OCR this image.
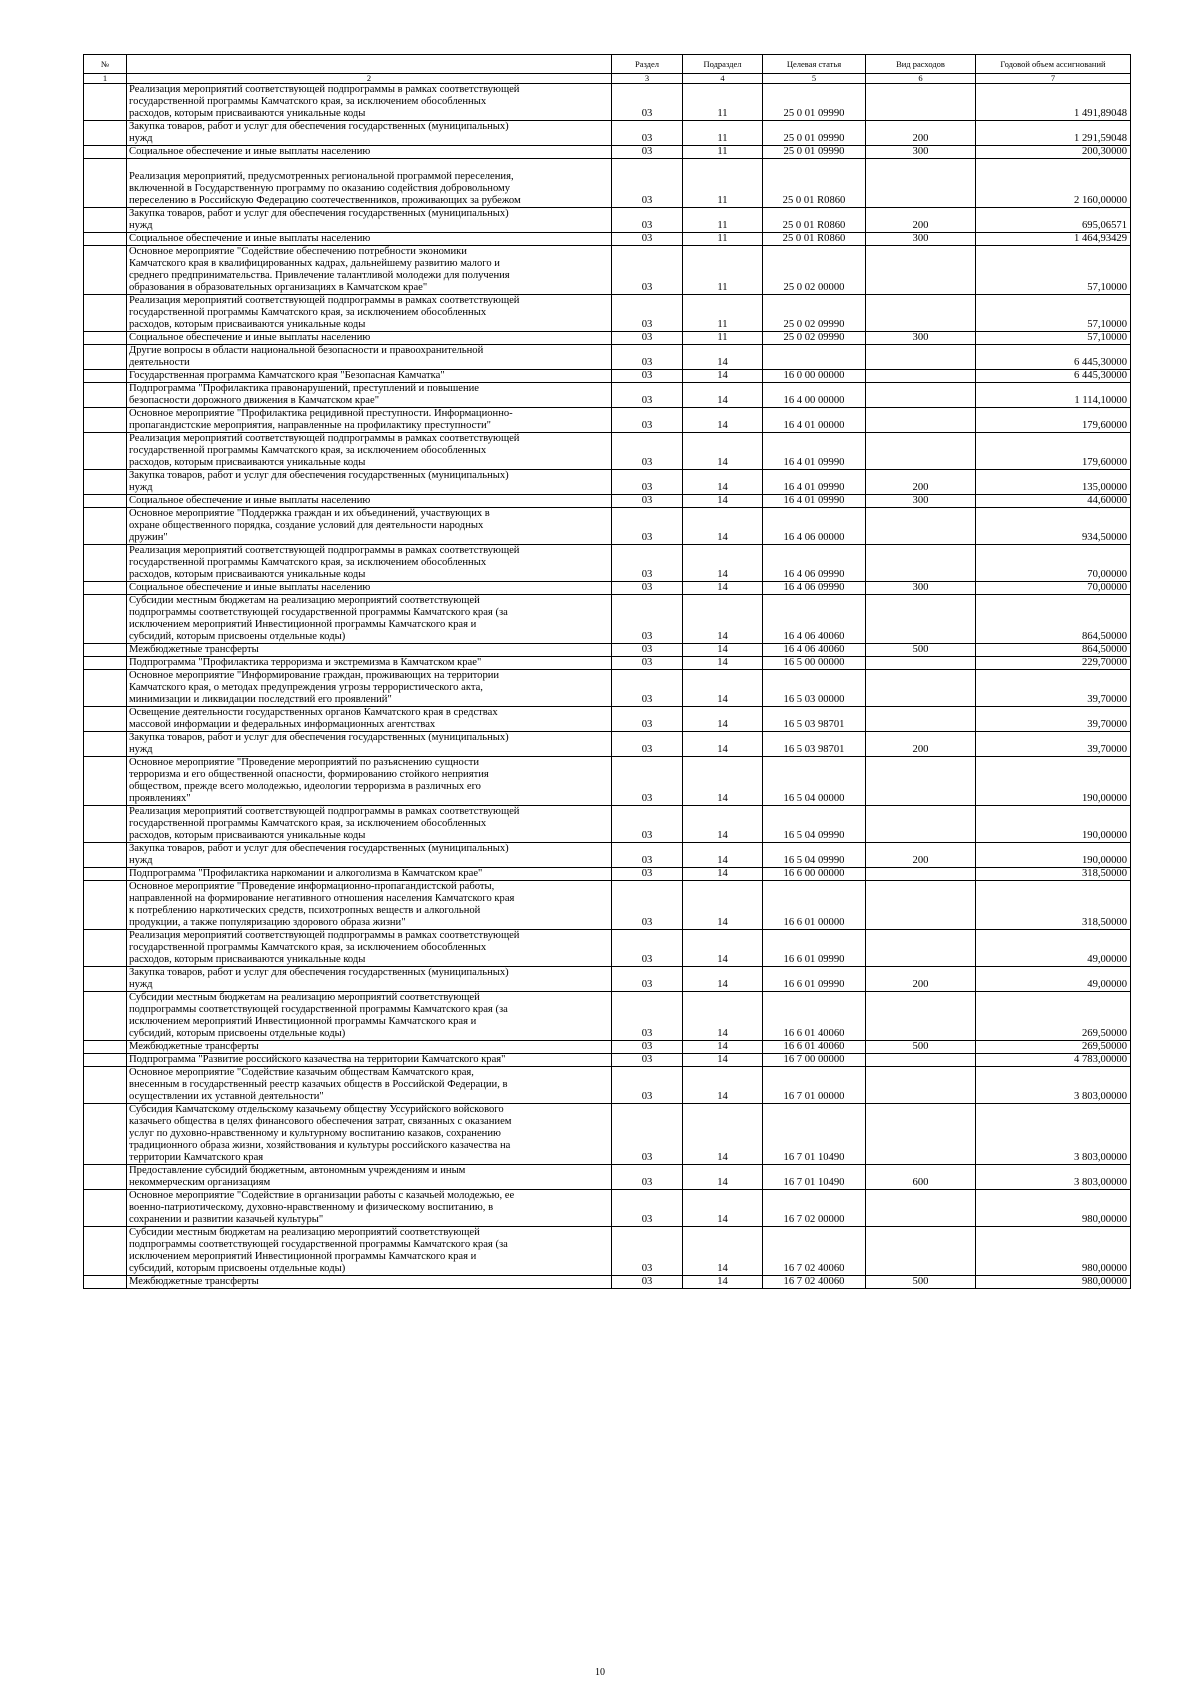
№		Раздел	Подраздел	Целевая статья	Вид расходов	Годовой объем ассигнований
1	2	3	4	5	6	7

	Реализация мероприятий соответствующей подпрограммы в рамках соответствующей
государственной программы Камчатского края, за исключением обособленных
расходов, которым присваиваются уникальные коды	03	11	25 0 01 09990		1 491,89048

	Закупка товаров, работ и услуг для обеспечения государственных (муниципальных)
нужд	03	11	25 0 01 09990	200	1 291,59048

	Социальное обеспечение и иные выплаты населению	03	11	25 0 01 09990	300	200,30000

	Реализация мероприятий, предусмотренных региональной программой переселения,
включенной в Государственную программу по оказанию содействия добровольному
переселению в Российскую Федерацию соотечественников, проживающих за рубежом	03	11	25 0 01 R0860		2 160,00000

	Закупка товаров, работ и услуг для обеспечения государственных (муниципальных)
нужд	03	11	25 0 01 R0860	200	695,06571

	Социальное обеспечение и иные выплаты населению	03	11	25 0 01 R0860	300	1 464,93429

	Основное мероприятие "Содействие обеспечению потребности экономики
Камчатского края в квалифицированных кадрах, дальнейшему развитию малого и
среднего предпринимательства. Привлечение талантливой молодежи для получения
образования в образовательных организациях в Камчатском крае"	03	11	25 0 02 00000		57,10000

	Реализация мероприятий соответствующей подпрограммы в рамках соответствующей
государственной программы Камчатского края, за исключением обособленных
расходов, которым присваиваются уникальные коды	03	11	25 0 02 09990		57,10000

	Социальное обеспечение и иные выплаты населению	03	11	25 0 02 09990	300	57,10000

	Другие вопросы в области национальной безопасности и правоохранительной
деятельности	03	14			6 445,30000

	Государственная программа Камчатского края "Безопасная Камчатка"	03	14	16 0 00 00000		6 445,30000

	Подпрограмма "Профилактика правонарушений, преступлений и повышение
безопасности дорожного движения в Камчатском крае"	03	14	16 4 00 00000		1 114,10000

	Основное мероприятие "Профилактика рецидивной преступности. Информационно-
пропагандистские мероприятия, направленные на профилактику преступности"	03	14	16 4 01 00000		179,60000

	Реализация мероприятий соответствующей подпрограммы в рамках соответствующей
государственной программы Камчатского края, за исключением обособленных
расходов, которым присваиваются уникальные коды	03	14	16 4 01 09990		179,60000

	Закупка товаров, работ и услуг для обеспечения государственных (муниципальных)
нужд	03	14	16 4 01 09990	200	135,00000

	Социальное обеспечение и иные выплаты населению	03	14	16 4 01 09990	300	44,60000

	Основное мероприятие "Поддержка граждан и их объединений, участвующих в
охране общественного порядка, создание условий для деятельности народных
дружин"	03	14	16 4 06 00000		934,50000

	Реализация мероприятий соответствующей подпрограммы в рамках соответствующей
государственной программы Камчатского края, за исключением обособленных
расходов, которым присваиваются уникальные коды	03	14	16 4 06 09990		70,00000

	Социальное обеспечение и иные выплаты населению	03	14	16 4 06 09990	300	70,00000

	Субсидии местным бюджетам на реализацию мероприятий соответствующей
подпрограммы соответствующей государственной программы Камчатского края (за
исключением мероприятий Инвестиционной программы Камчатского края и
субсидий, которым присвоены отдельные коды)	03	14	16 4 06 40060		864,50000

	Межбюджетные трансферты	03	14	16 4 06 40060	500	864,50000

	Подпрограмма "Профилактика терроризма и экстремизма в Камчатском крае"	03	14	16 5 00 00000		229,70000

	Основное мероприятие "Информирование граждан, проживающих на территории
Камчатского края, о методах предупреждения угрозы террористического акта,
минимизации и ликвидации последствий его проявлений"	03	14	16 5 03 00000		39,70000

	Освещение деятельности государственных органов Камчатского края в средствах
массовой информации и федеральных информационных агентствах	03	14	16 5 03 98701		39,70000

	Закупка товаров, работ и услуг для обеспечения государственных (муниципальных)
нужд	03	14	16 5 03 98701	200	39,70000

	Основное мероприятие "Проведение мероприятий по разъяснению сущности
терроризма и его общественной опасности, формированию стойкого неприятия
обществом, прежде всего молодежью, идеологии терроризма в различных его
проявлениях"	03	14	16 5 04 00000		190,00000

	Реализация мероприятий соответствующей подпрограммы в рамках соответствующей
государственной программы Камчатского края, за исключением обособленных
расходов, которым присваиваются уникальные коды	03	14	16 5 04 09990		190,00000

	Закупка товаров, работ и услуг для обеспечения государственных (муниципальных)
нужд	03	14	16 5 04 09990	200	190,00000

	Подпрограмма "Профилактика наркомании и алкоголизма в Камчатском крае"	03	14	16 6 00 00000		318,50000

	Основное мероприятие "Проведение информационно-пропагандистской работы,
направленной на формирование негативного отношения населения Камчатского края
к потреблению наркотических средств, психотропных веществ и алкогольной
продукции, а также популяризацию здорового образа жизни"	03	14	16 6 01 00000		318,50000

	Реализация мероприятий соответствующей подпрограммы в рамках соответствующей
государственной программы Камчатского края, за исключением обособленных
расходов, которым присваиваются уникальные коды	03	14	16 6 01 09990		49,00000

	Закупка товаров, работ и услуг для обеспечения государственных (муниципальных)
нужд	03	14	16 6 01 09990	200	49,00000

	Субсидии местным бюджетам на реализацию мероприятий соответствующей
подпрограммы соответствующей государственной программы Камчатского края (за
исключением мероприятий Инвестиционной программы Камчатского края и
субсидий, которым присвоены отдельные коды)	03	14	16 6 01 40060		269,50000

	Межбюджетные трансферты	03	14	16 6 01 40060	500	269,50000

	Подпрограмма "Развитие российского казачества на территории Камчатского края"	03	14	16 7 00 00000		4 783,00000

	Основное мероприятие "Содействие казачьим обществам Камчатского края,
внесенным в государственный реестр казачьих обществ в Российской Федерации, в
осуществлении их уставной деятельности"	03	14	16 7 01 00000		3 803,00000

	Субсидия Камчатскому отдельскому казачьему обществу Уссурийского войскового
казачьего общества в целях финансового обеспечения затрат, связанных с оказанием
услуг по духовно-нравственному и культурному воспитанию казаков, сохранению
традиционного образа жизни, хозяйствования и культуры российского казачества на
территории Камчатского края	03	14	16 7 01 10490		3 803,00000

	Предоставление субсидий бюджетным, автономным учреждениям и иным
некоммерческим организациям	03	14	16 7 01 10490	600	3 803,00000

	Основное мероприятие "Содействие в организации работы с казачьей молодежью, ее
военно-патриотическому, духовно-нравственному и физическому воспитанию, в
сохранении и развитии казачьей культуры"	03	14	16 7 02 00000		980,00000

	Субсидии местным бюджетам на реализацию мероприятий соответствующей
подпрограммы соответствующей государственной программы Камчатского края (за
исключением мероприятий Инвестиционной программы Камчатского края и
субсидий, которым присвоены отдельные коды)	03	14	16 7 02 40060		980,00000

	Межбюджетные трансферты	03	14	16 7 02 40060	500	980,00000
10
